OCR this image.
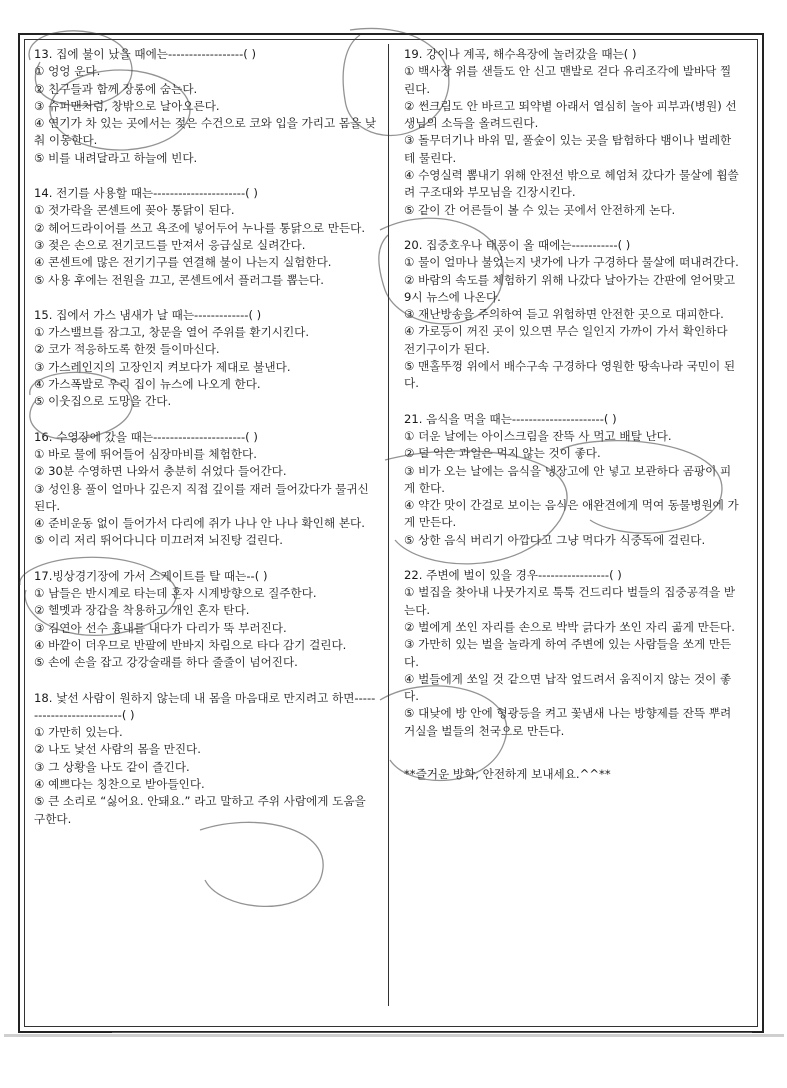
13. 집에 불이 났을 때에는------------------( )
① 엉엉 운다.
② 친구들과 함께 장롱에 숨는다.
③ 슈퍼맨처럼, 창밖으로 날아오른다.
④ 연기가 차 있는 곳에서는 젖은 수건으로 코와 입을 가리고 몸을 낮춰 이동한다.
⑤ 비를 내려달라고 하늘에 빈다.
14. 전기를 사용할 때는----------------------( )
① 젓가락을 콘센트에 꽂아 통닭이 된다.
② 헤어드라이어를 쓰고 욕조에 넣어두어 누나를 통닭으로 만든다.
③ 젖은 손으로 전기코드를 만져서 응급실로 실려간다.
④ 콘센트에 많은 전기기구를 연결해 불이 나는지 실험한다.
⑤ 사용 후에는 전원을 끄고, 콘센트에서 플러그를 뽑는다.
15. 집에서 가스 냄새가 날 때는-------------( )
① 가스밸브를 잠그고, 창문을 열어 주위를 환기시킨다.
② 코가 적응하도록 한껏 들이마신다.
③ 가스레인지의 고장인지 켜보다가 제대로 불낸다.
④ 가스폭발로 우리 집이 뉴스에 나오게 한다.
⑤ 이웃집으로 도망을 간다.
16. 수영장에 갔을 때는----------------------( )
① 바로 물에 뛰어들어 심장마비를 체험한다.
② 30분 수영하면 나와서 충분히 쉬었다 들어간다.
③ 성인용 풀이 얼마나 깊은지 직접 깊이를 재러 들어갔다가 물귀신 된다.
④ 준비운동 없이 들어가서 다리에 쥐가 나나 안 나나 확인해 본다.
⑤ 이리 저리 뛰어다니다 미끄러져 뇌진탕 걸린다.
17.빙상경기장에 가서 스케이트를 탈 때는--( )
① 남들은 반시계로 타는데 혼자 시계방향으로 질주한다.
② 헬멧과 장갑을 착용하고 개인 혼자 탄다.
③ 김연아 선수 흉내를 내다가 다리가 뚝 부러진다.
④ 바깥이 더우므로 반팔에 반바지 차림으로 타다 감기 걸린다.
⑤ 손에 손을 잡고 강강술래를 하다 줄줄이 넘어진다.
18. 낯선 사람이 원하지 않는데 내 몸을 마음대로 만지려고 하면--------------------------( )
① 가만히 있는다.
② 나도 낯선 사람의 몸을 만진다.
③ 그 상황을 나도 같이 즐긴다.
④ 예쁘다는 칭찬으로 받아들인다.
⑤ 큰 소리로 “싫어요. 안돼요.” 라고 말하고 주위 사람에게 도움을 구한다.
19. 강이나 계곡, 해수욕장에 놀러갔을 때는( )
① 백사장 위를 샌들도 안 신고 맨발로 걷다 유리조각에 발바닥 찔린다.
② 썬크림도 안 바르고 뙤약볕 아래서 열심히 놀아 피부과(병원) 선생님의 소득을 올려드린다.
③ 돌무더기나 바위 밑, 풀숲이 있는 곳을 탐험하다 뱀이나 벌레한테 물린다.
④ 수영실력 뽐내기 위해 안전선 밖으로 헤엄쳐 갔다가 물살에 휩쓸려 구조대와 부모님을 긴장시킨다.
⑤ 같이 간 어른들이 볼 수 있는 곳에서 안전하게 논다.
20. 집중호우나 태풍이 올 때에는-----------( )
① 물이 얼마나 불었는지 냇가에 나가 구경하다 물살에 떠내려간다.
② 바람의 속도를 체험하기 위해 나갔다 날아가는 간판에 얻어맞고 9시 뉴스에 나온다.
③ 재난방송을 주의하여 듣고 위험하면 안전한 곳으로 대피한다.
④ 가로등이 꺼진 곳이 있으면 무슨 일인지 가까이 가서 확인하다 전기구이가 된다.
⑤ 맨홀뚜껑 위에서 배수구속 구경하다 영원한 땅속나라 국민이 된다.
21. 음식을 먹을 때는----------------------( )
① 더운 날에는 아이스크림을 잔뜩 사 먹고 배탈 난다.
② 덜 익은 과일은 먹지 않는 것이 좋다.
③ 비가 오는 날에는 음식을 냉장고에 안 넣고 보관하다 곰팡이 피게 한다.
④ 약간 맛이 간걸로 보이는 음식은 애완견에게 먹여 동물병원에 가게 만든다.
⑤ 상한 음식 버리기 아깝다고 그냥 먹다가 식중독에 걸린다.
22. 주변에 벌이 있을 경우-----------------( )
① 벌집을 찾아내 나뭇가지로 툭툭 건드리다 벌들의 집중공격을 받는다.
② 벌에게 쏘인 자리를 손으로 박박 긁다가 쏘인 자리 곪게 만든다.
③ 가만히 있는 벌을 놀라게 하여 주변에 있는 사람들을 쏘게 만든다.
④ 벌들에게 쏘일 것 같으면 납작 엎드려서 움직이지 않는 것이 좋다.
⑤ 대낮에 방 안에 형광등을 켜고 꽃냄새 나는 방향제를 잔뜩 뿌려 거실을 벌들의 천국으로 만든다.
**즐거운 방학, 안전하게 보내세요.^^**
